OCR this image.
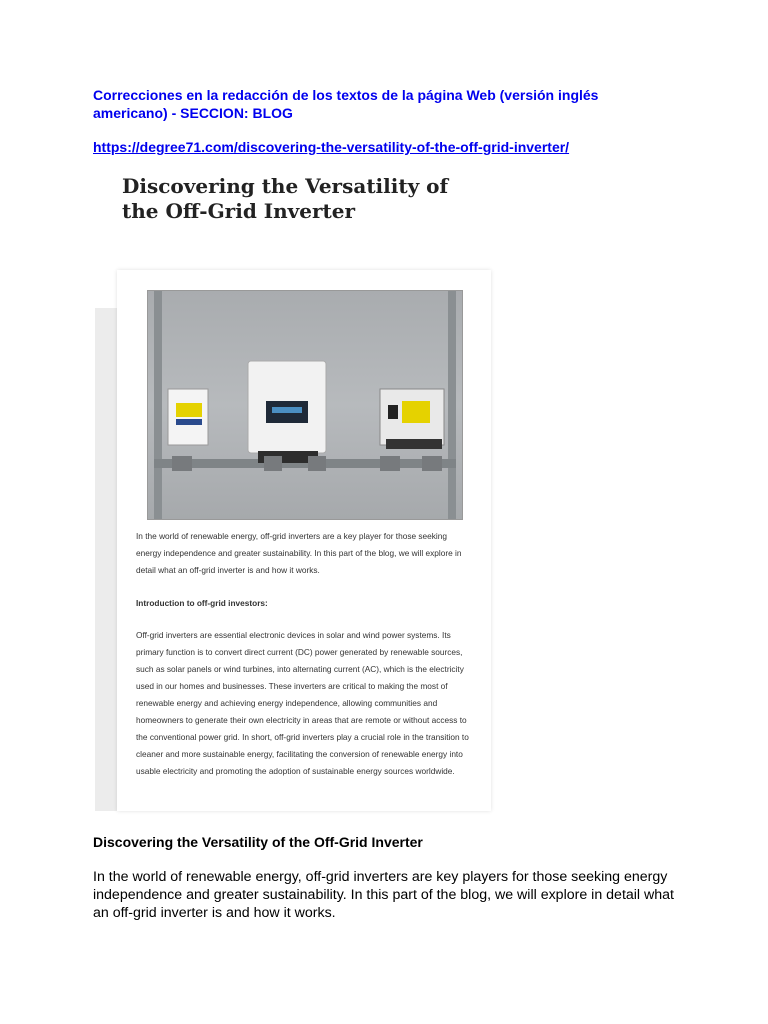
Correcciones en la redacción de los textos de la página Web (versión inglés americano) - SECCION: BLOG
https://degree71.com/discovering-the-versatility-of-the-off-grid-inverter/
Discovering the Versatility of the Off-Grid Inverter
In the world of renewable energy, off-grid inverters are a key player for those seeking energy independence and greater sustainability. In this part of the blog, we will explore in detail what an off-grid inverter is and how it works.
Introduction to off-grid investors:
Off-grid inverters are essential electronic devices in solar and wind power systems. Its primary function is to convert direct current (DC) power generated by renewable sources, such as solar panels or wind turbines, into alternating current (AC), which is the electricity used in our homes and businesses. These inverters are critical to making the most of renewable energy and achieving energy independence, allowing communities and homeowners to generate their own electricity in areas that are remote or without access to the conventional power grid. In short, off-grid inverters play a crucial role in the transition to cleaner and more sustainable energy, facilitating the conversion of renewable energy into usable electricity and promoting the adoption of sustainable energy sources worldwide.
Discovering the Versatility of the Off-Grid Inverter
In the world of renewable energy, off-grid inverters are key players for those seeking energy independence and greater sustainability. In this part of the blog, we will explore in detail what an off-grid inverter is and how it works.
